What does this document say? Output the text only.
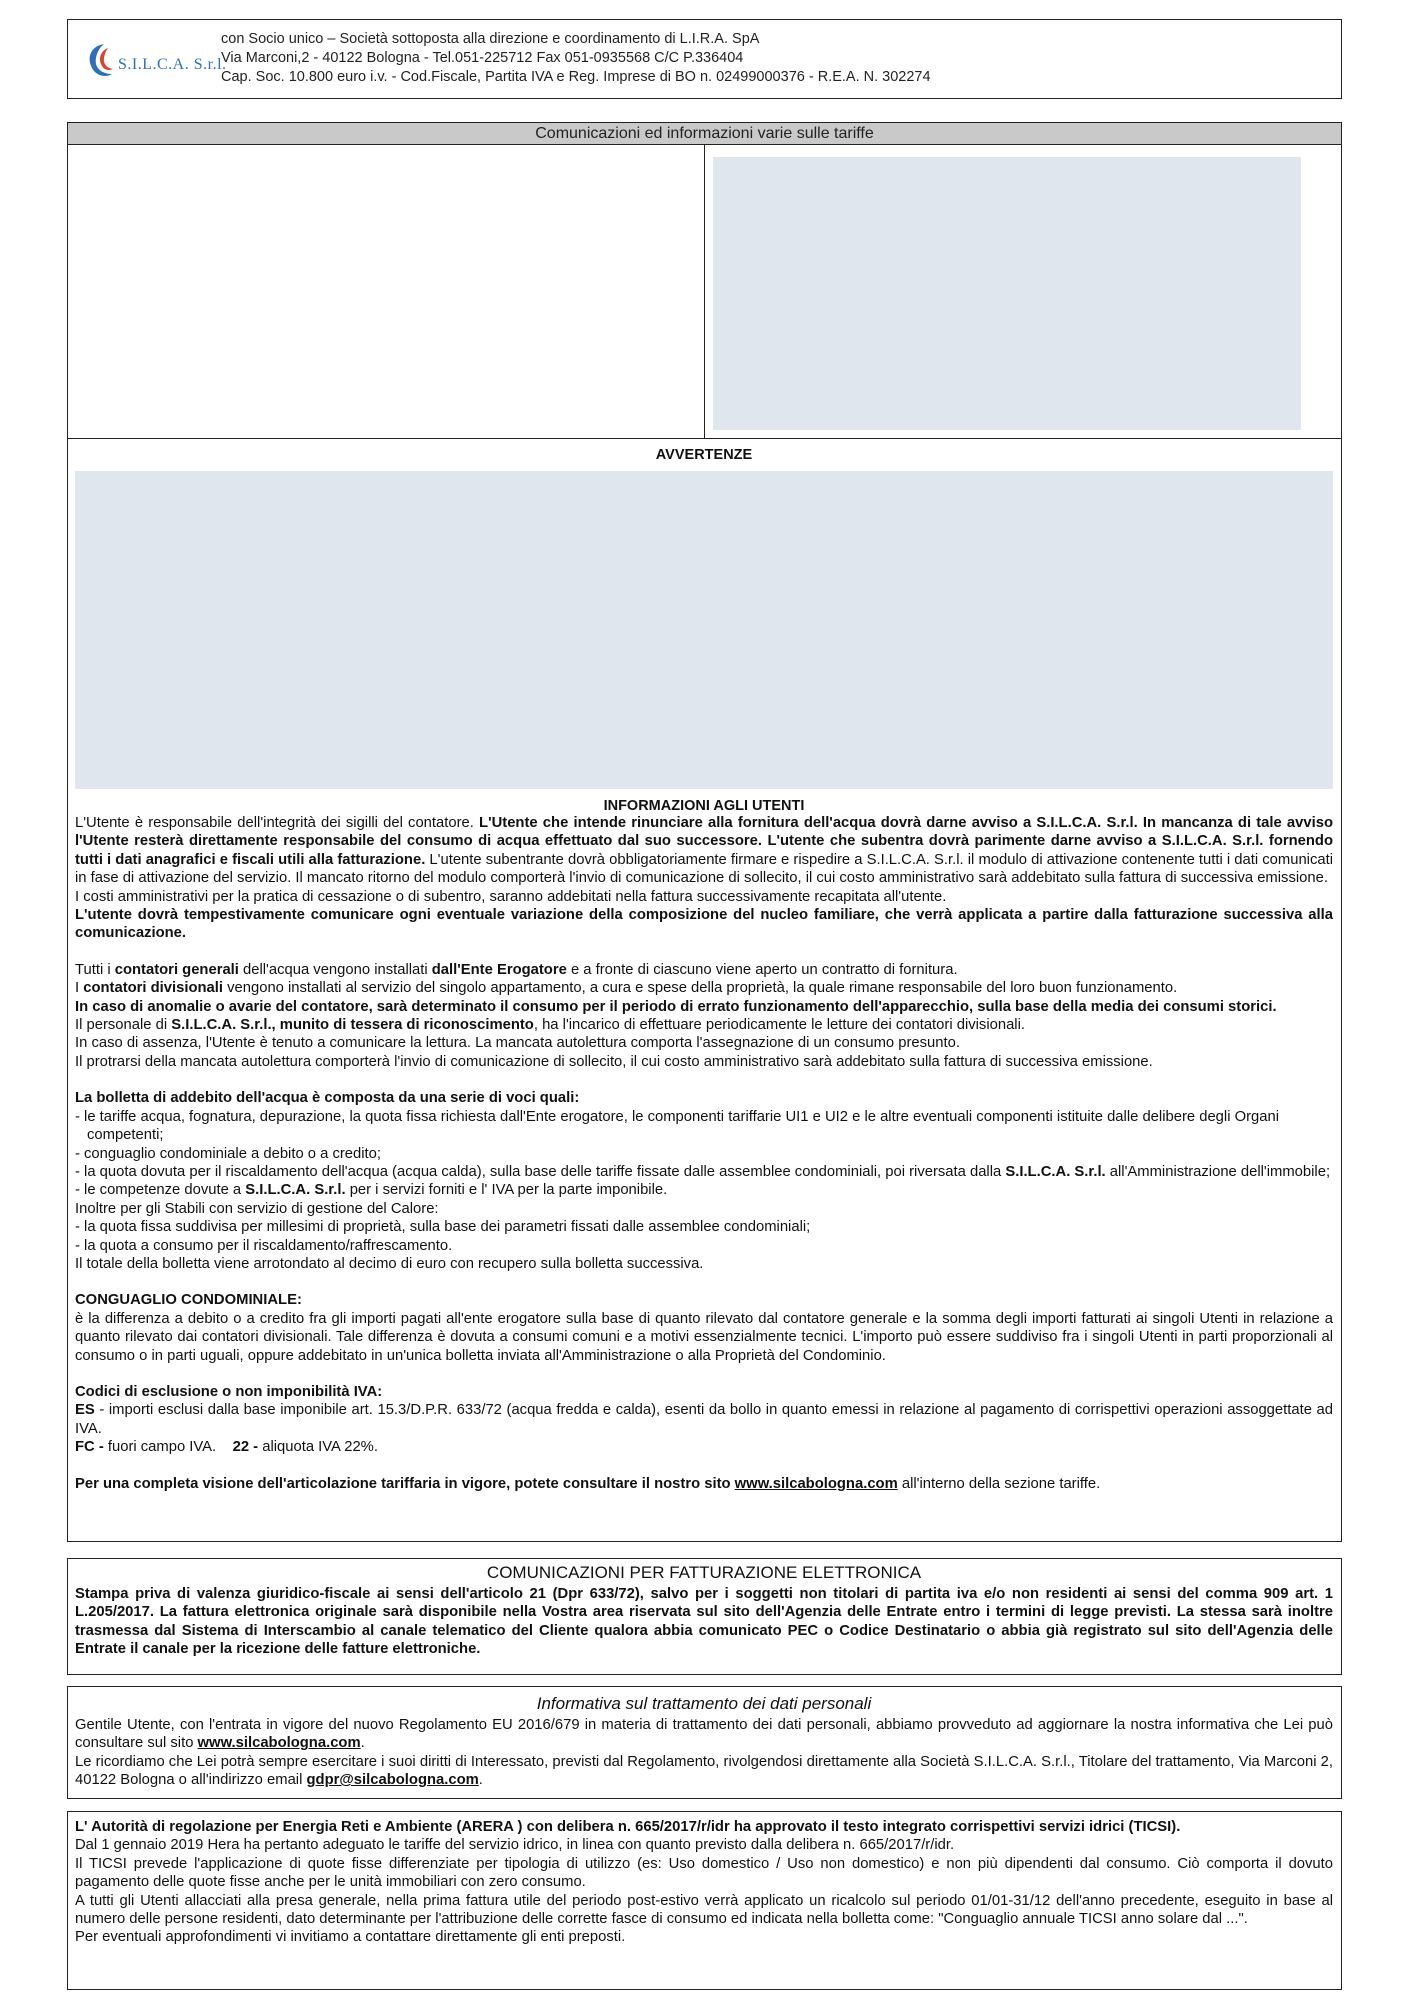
S.I.L.C.A. S.r.l.

con Socio unico – Società sottoposta alla direzione e coordinamento di L.I.R.A. SpA

Via Marconi,2 - 40122 Bologna - Tel.051-225712 Fax 051-0935568 C/C P.336404

Cap. Soc. 10.800 euro i.v. - Cod.Fiscale, Partita IVA e Reg. Imprese di BO n. 02499000376 - R.E.A. N. 302274

Comunicazioni ed informazioni varie sulle tariffe

AVVERTENZE

INFORMAZIONI AGLI UTENTI

L'Utente è responsabile dell'integrità dei sigilli del contatore. L'Utente che intende rinunciare alla fornitura dell'acqua dovrà darne avviso a S.I.L.C.A. S.r.l. In mancanza di tale avviso l'Utente resterà direttamente responsabile del consumo di acqua effettuato dal suo successore. L'utente che subentra dovrà parimente darne avviso a S.I.L.C.A. S.r.l. fornendo tutti i dati anagrafici e fiscali utili alla fatturazione. L'utente subentrante dovrà obbligatoriamente firmare e rispedire a S.I.L.C.A. S.r.l. il modulo di attivazione contenente tutti i dati comunicati in fase di attivazione del servizio. Il mancato ritorno del modulo comporterà l'invio di comunicazione di sollecito, il cui costo amministrativo sarà addebitato sulla fattura di successiva emissione.

I costi amministrativi per la pratica di cessazione o di subentro, saranno addebitati nella fattura successivamente recapitata all'utente.

L'utente dovrà tempestivamente comunicare ogni eventuale variazione della composizione del nucleo familiare, che verrà applicata a partire dalla fatturazione successiva alla comunicazione.

Tutti i contatori generali dell'acqua vengono installati dall'Ente Erogatore e a fronte di ciascuno viene aperto un contratto di fornitura.

I contatori divisionali vengono installati al servizio del singolo appartamento, a cura e spese della proprietà, la quale rimane responsabile del loro buon funzionamento.

In caso di anomalie o avarie del contatore, sarà determinato il consumo per il periodo di errato funzionamento dell'apparecchio, sulla base della media dei consumi storici.

Il personale di S.I.L.C.A. S.r.l., munito di tessera di riconoscimento, ha l'incarico di effettuare periodicamente le letture dei contatori divisionali.

In caso di assenza, l'Utente è tenuto a comunicare la lettura. La mancata autolettura comporta l'assegnazione di un consumo presunto.

Il protrarsi della mancata autolettura comporterà l'invio di comunicazione di sollecito, il cui costo amministrativo sarà addebitato sulla fattura di successiva emissione.

La bolletta di addebito dell'acqua è composta da una serie di voci quali:

- le tariffe acqua, fognatura, depurazione, la quota fissa richiesta dall'Ente erogatore, le componenti tariffarie UI1 e UI2 e le altre eventuali componenti istituite dalle delibere degli Organi competenti;

- conguaglio condominiale a debito o a credito;

- la quota dovuta per il riscaldamento dell'acqua (acqua calda), sulla base delle tariffe fissate dalle assemblee condominiali, poi riversata dalla S.I.L.C.A. S.r.l. all'Amministrazione dell'immobile;

- le competenze dovute a S.I.L.C.A. S.r.l. per i servizi forniti e l' IVA per la parte imponibile.

Inoltre per gli Stabili con servizio di gestione del Calore:

- la quota fissa suddivisa per millesimi di proprietà, sulla base dei parametri fissati dalle assemblee condominiali;

- la quota a consumo per il riscaldamento/raffrescamento.

Il totale della bolletta viene arrotondato al decimo di euro con recupero sulla bolletta successiva.

CONGUAGLIO CONDOMINIALE:

è la differenza a debito o a credito fra gli importi pagati all'ente erogatore sulla base di quanto rilevato dal contatore generale e la somma degli importi fatturati ai singoli Utenti in relazione a quanto rilevato dai contatori divisionali. Tale differenza è dovuta a consumi comuni e a motivi essenzialmente tecnici. L'importo può essere suddiviso fra i singoli Utenti in parti proporzionali al consumo o in parti uguali, oppure addebitato in un'unica bolletta inviata all'Amministrazione o alla Proprietà del Condominio.

Codici di esclusione o non imponibilità IVA:

ES - importi esclusi dalla base imponibile art. 15.3/D.P.R. 633/72 (acqua fredda e calda), esenti da bollo in quanto emessi in relazione al pagamento di corrispettivi operazioni assoggettate ad IVA.

FC - fuori campo IVA.    22 - aliquota IVA 22%.

Per una completa visione dell'articolazione tariffaria in vigore, potete consultare il nostro sito www.silcabologna.com all'interno della sezione tariffe.

COMUNICAZIONI PER FATTURAZIONE ELETTRONICA

Stampa priva di valenza giuridico-fiscale ai sensi dell'articolo 21 (Dpr 633/72), salvo per i soggetti non titolari di partita iva e/o non residenti ai sensi del comma 909 art. 1 L.205/2017. La fattura elettronica originale sarà disponibile nella Vostra area riservata sul sito dell'Agenzia delle Entrate entro i termini di legge previsti. La stessa sarà inoltre trasmessa dal Sistema di Interscambio al canale telematico del Cliente qualora abbia comunicato PEC o Codice Destinatario o abbia già registrato sul sito dell'Agenzia delle Entrate il canale per la ricezione delle fatture elettroniche.

Informativa sul trattamento dei dati personali

Gentile Utente, con l'entrata in vigore del nuovo Regolamento EU 2016/679 in materia di trattamento dei dati personali, abbiamo provveduto ad aggiornare la nostra informativa che Lei può consultare sul sito www.silcabologna.com.

Le ricordiamo che Lei potrà sempre esercitare i suoi diritti di Interessato, previsti dal Regolamento, rivolgendosi direttamente alla Società S.I.L.C.A. S.r.l., Titolare del trattamento, Via Marconi 2, 40122 Bologna o all'indirizzo email gdpr@silcabologna.com.

L' Autorità di regolazione per Energia Reti e Ambiente (ARERA ) con delibera n. 665/2017/r/idr ha approvato il testo integrato corrispettivi servizi idrici (TICSI).

Dal 1 gennaio 2019 Hera ha pertanto adeguato le tariffe del servizio idrico, in linea con quanto previsto dalla delibera n. 665/2017/r/idr.

Il TICSI prevede l'applicazione di quote fisse differenziate per tipologia di utilizzo (es: Uso domestico / Uso non domestico) e non più dipendenti dal consumo. Ciò comporta il dovuto pagamento delle quote fisse anche per le unità immobiliari con zero consumo.

A tutti gli Utenti allacciati alla presa generale, nella prima fattura utile del periodo post-estivo verrà applicato un ricalcolo sul periodo 01/01-31/12 dell'anno precedente, eseguito in base al numero delle persone residenti, dato determinante per l'attribuzione delle corrette fasce di consumo ed indicata nella bolletta come: "Conguaglio annuale TICSI anno solare dal ...".

Per eventuali approfondimenti vi invitiamo a contattare direttamente gli enti preposti.
